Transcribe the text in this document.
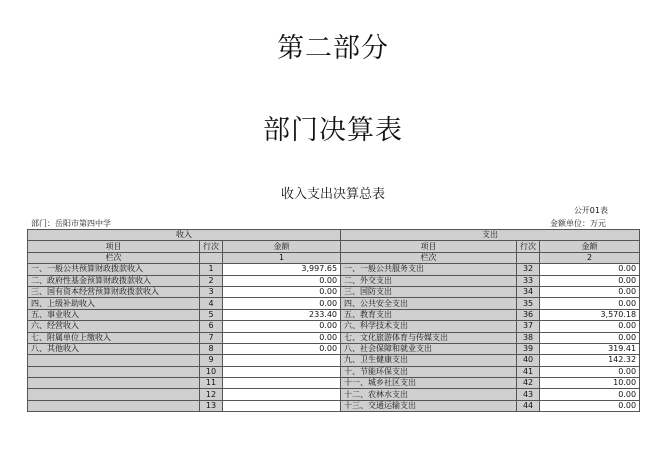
第二部分
部门决算表
收入支出决算总表
公开01表
部门：岳阳市第四中学	金额单位：万元
收入			支出		
项目	行次	金额	项目	行次	金额
栏次		1	栏次		2
一、一般公共预算财政拨款收入	1	3,997.65	一、一般公共服务支出	32	0.00
二、政府性基金预算财政拨款收入	2	0.00	二、外交支出	33	0.00
三、国有资本经营预算财政拨款收入	3	0.00	三、国防支出	34	0.00
四、上级补助收入	4	0.00	四、公共安全支出	35	0.00
五、事业收入	5	233.40	五、教育支出	36	3,570.18
六、经营收入	6	0.00	六、科学技术支出	37	0.00
七、附属单位上缴收入	7	0.00	七、文化旅游体育与传媒支出	38	0.00
八、其他收入	8	0.00	八、社会保障和就业支出	39	319.41
	9		九、卫生健康支出	40	142.32
	10		十、节能环保支出	41	0.00
	11		十一、城乡社区支出	42	10.00
	12		十二、农林水支出	43	0.00
	13		十三、交通运输支出	44	0.00
